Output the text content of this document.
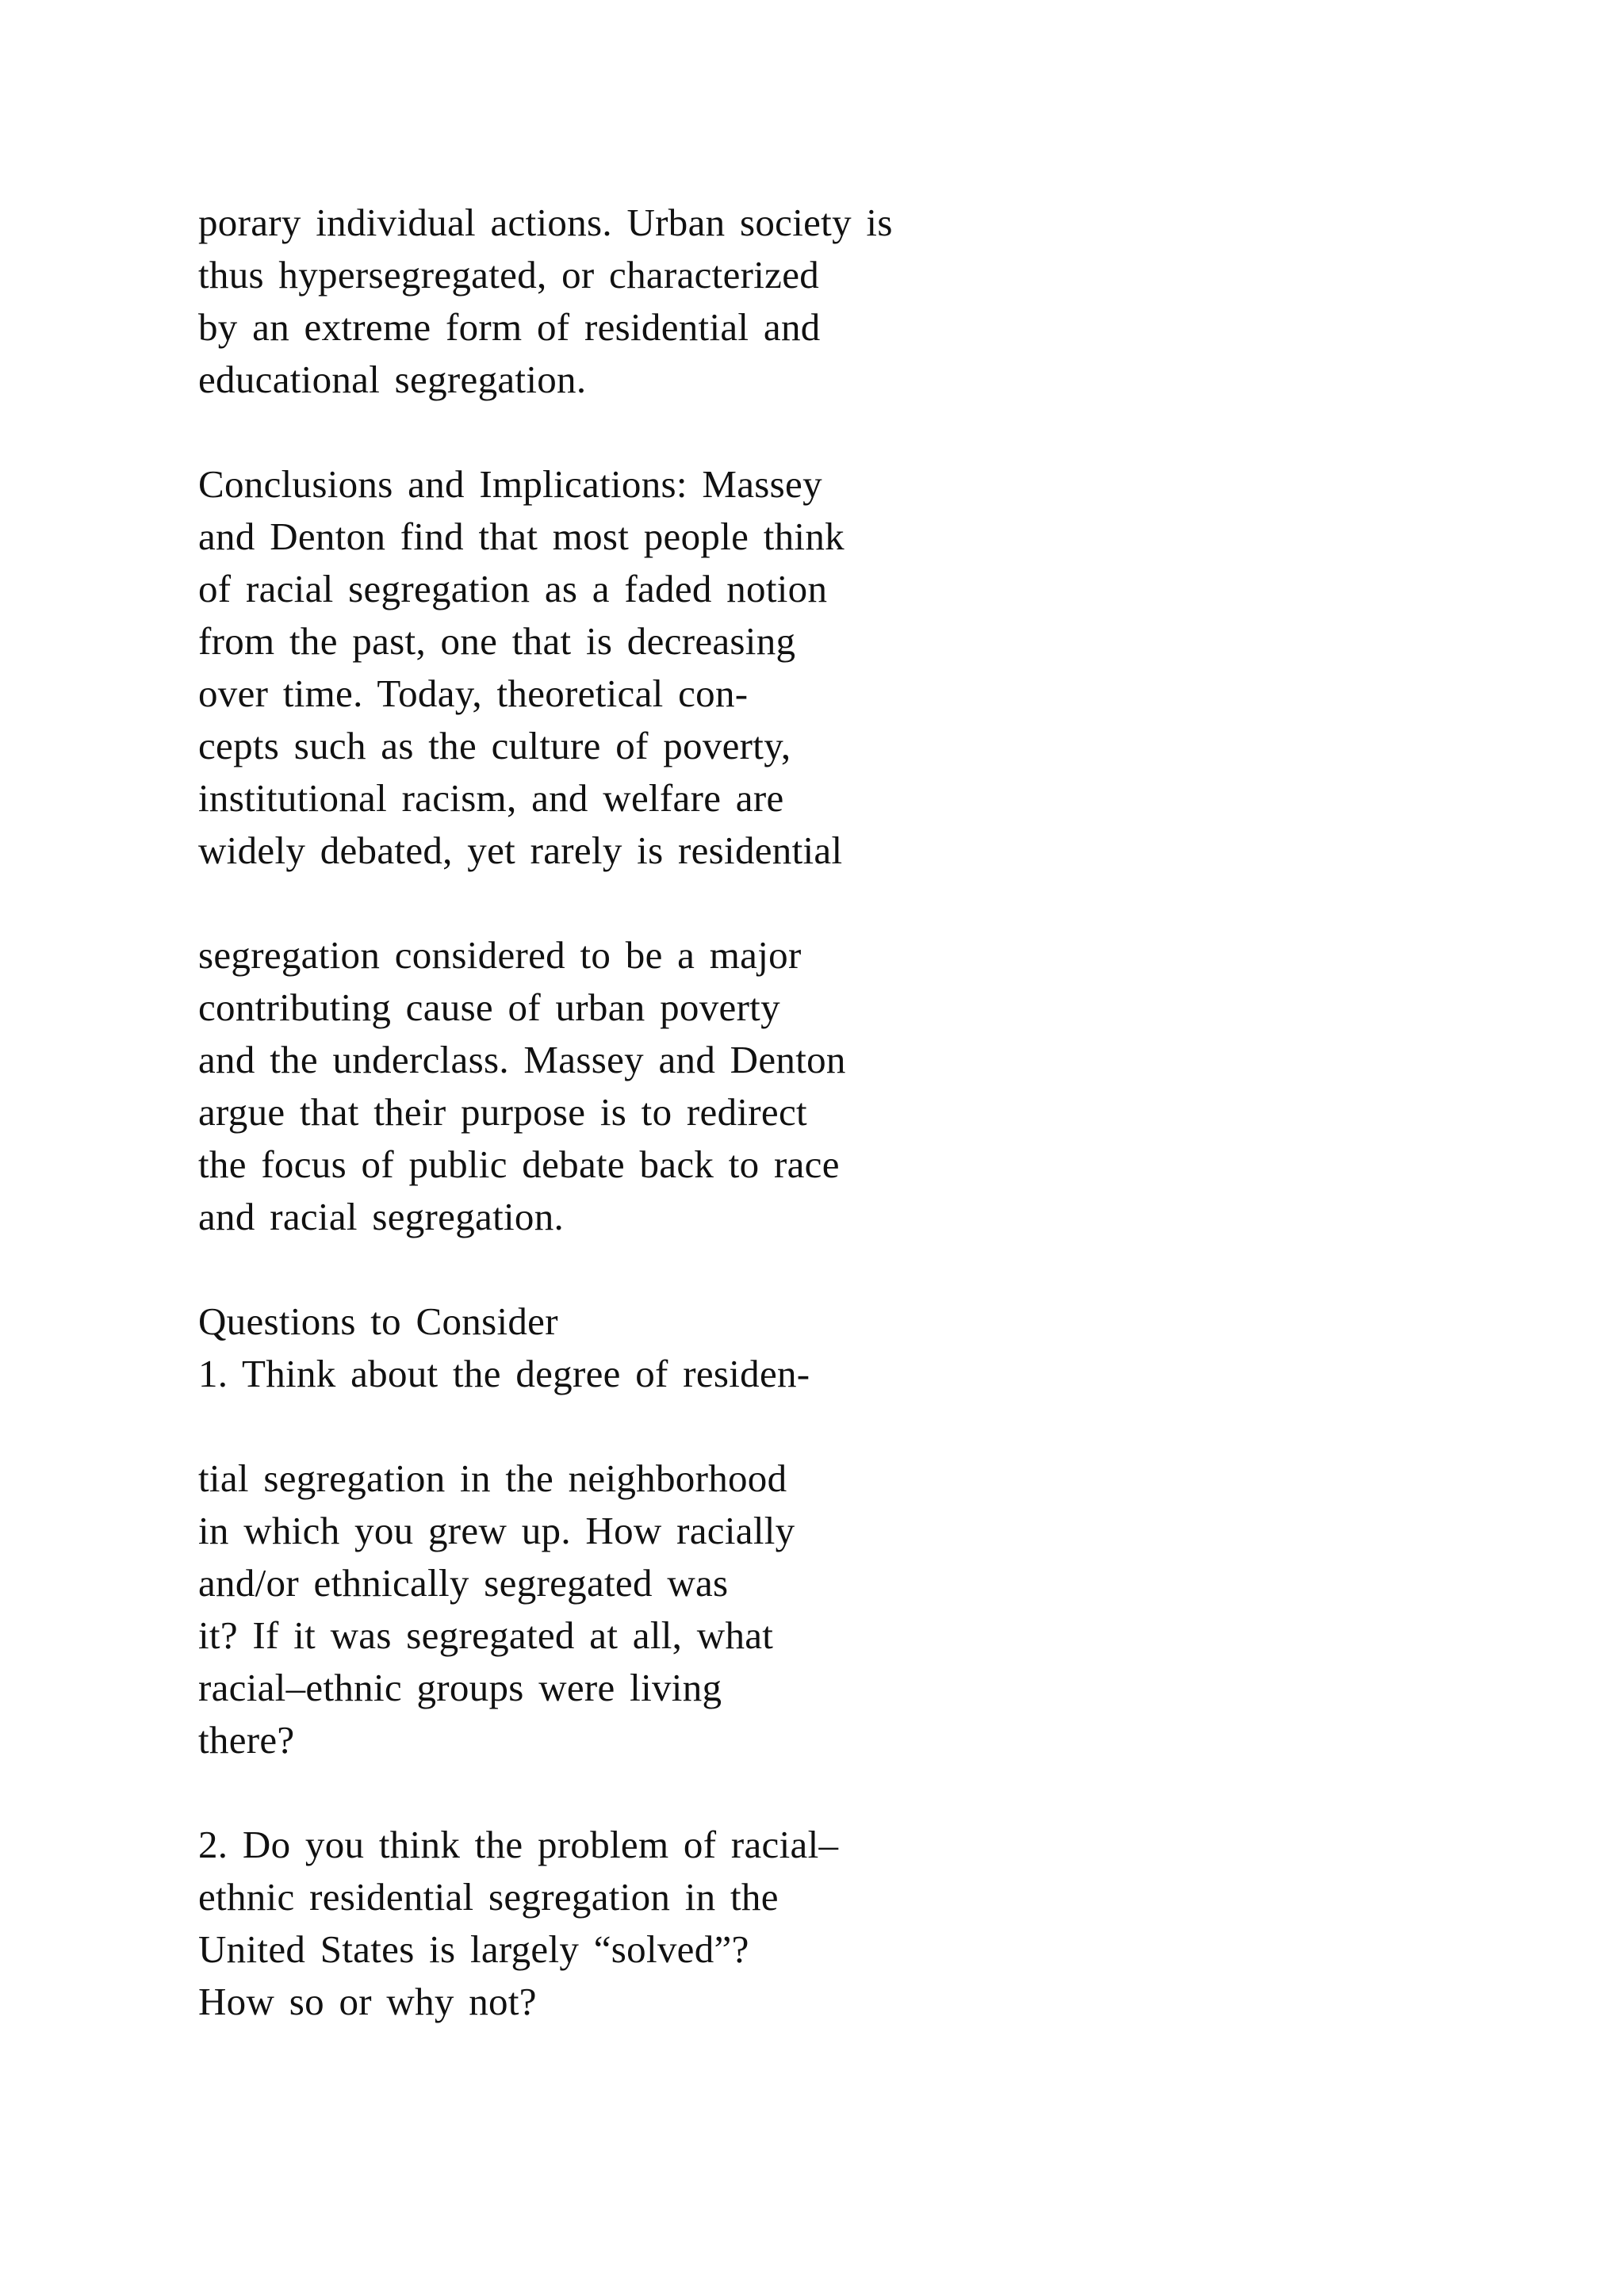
porary individual actions. Urban society is
thus hypersegregated, or characterized
by an extreme form of residential and
educational segregation.
Conclusions and Implications: Massey
and Denton find that most people think
of racial segregation as a faded notion
from the past, one that is decreasing
over time. Today, theoretical con-
cepts such as the culture of poverty,
institutional racism, and welfare are
widely debated, yet rarely is residential
segregation considered to be a major
contributing cause of urban poverty
and the underclass. Massey and Denton
argue that their purpose is to redirect
the focus of public debate back to race
and racial segregation.
Questions to Consider
1. Think about the degree of residen-
tial segregation in the neighborhood
in which you grew up. How racially
and/or ethnically segregated was
it? If it was segregated at all, what
racial–ethnic groups were living
there?
2. Do you think the problem of racial–
ethnic residential segregation in the
United States is largely “solved”?
How so or why not?
